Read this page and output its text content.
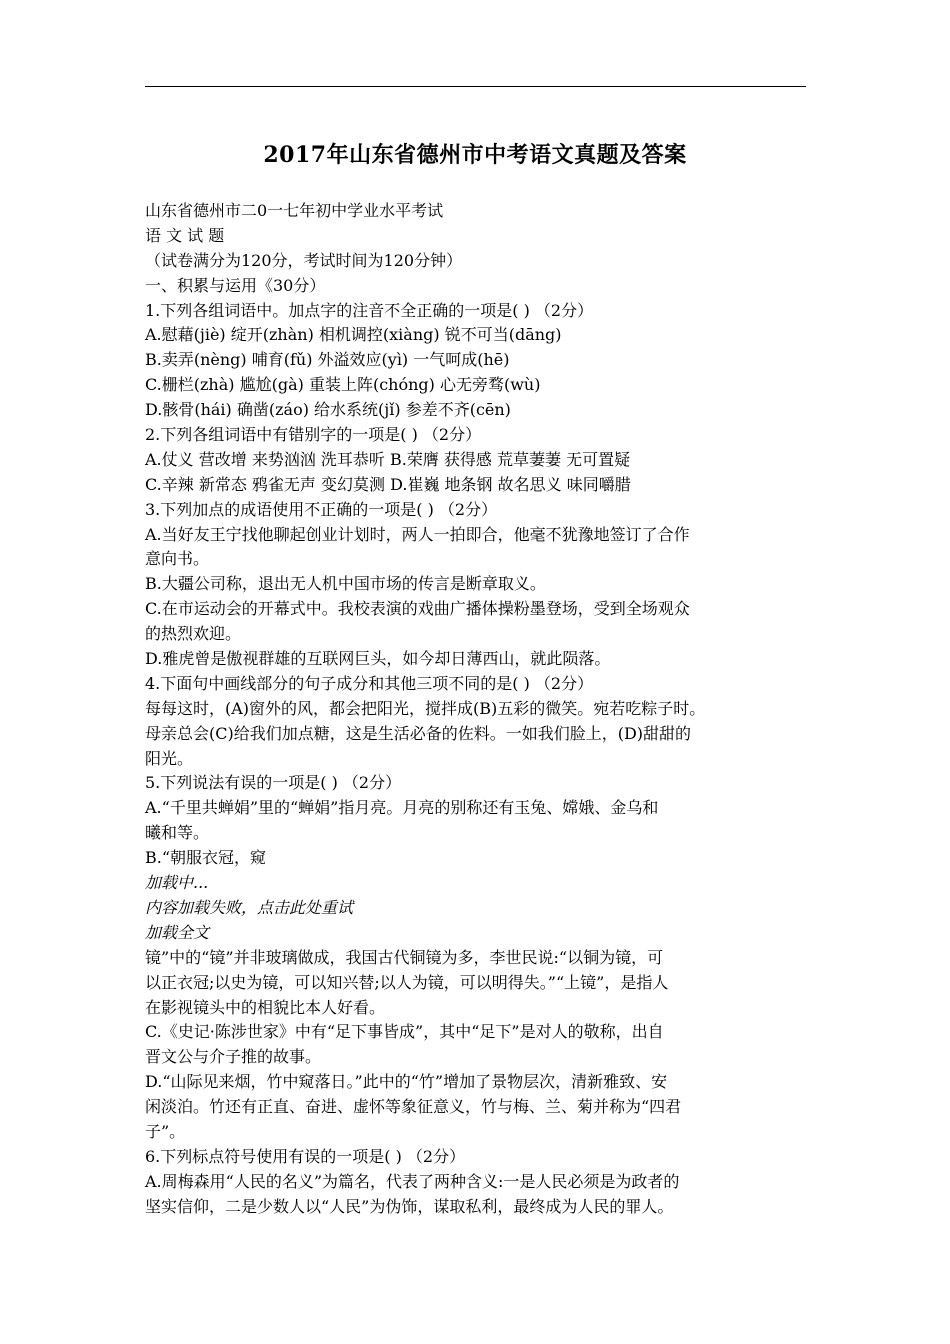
2017年山东省德州市中考语文真题及答案
山东省德州市二0一七年初中学业水平考试
语 文 试 题
（试卷满分为120分，考试时间为120分钟）
一、积累与运用《30分）
1.下列各组词语中。加点字的注音不全正确的一项是( ) （2分）
A.慰藉(jiè) 绽开(zhàn) 相机调控(xiàng) 锐不可当(dāng)
B.卖弄(nèng) 哺育(fǔ) 外溢效应(yì) 一气呵成(hē)
C.栅栏(zhà) 尴尬(gà) 重装上阵(chóng) 心无旁骛(wù)
D.骸骨(hái) 确凿(záo) 给水系统(jǐ) 参差不齐(cēn)
2.下列各组词语中有错别字的一项是( ) （2分）
A.仗义 营改增 来势汹汹 洗耳恭听 B.荣膺 获得感 荒草萋萋 无可置疑
C.辛辣 新常态 鸦雀无声 变幻莫测 D.崔巍 地条钢 故名思义 味同嚼腊
3.下列加点的成语使用不正确的一项是( ) （2分）
A.当好友王宁找他聊起创业计划时，两人一拍即合，他毫不犹豫地签订了合作
意向书。
B.大疆公司称，退出无人机中国市场的传言是断章取义。
C.在市运动会的开幕式中。我校表演的戏曲广播体操粉墨登场，受到全场观众
的热烈欢迎。
D.雅虎曾是傲视群雄的互联网巨头，如今却日薄西山，就此陨落。
4.下面句中画线部分的句子成分和其他三项不同的是( ) （2分）
每每这时，(A)窗外的风，都会把阳光，搅拌成(B)五彩的微笑。宛若吃粽子时。
母亲总会(C)给我们加点糖，这是生活必备的佐料。一如我们脸上，(D)甜甜的
阳光。
5.下列说法有误的一项是( ) （2分）
A.“千里共蝉娟”里的“蝉娟”指月亮。月亮的别称还有玉兔、嫦娥、金乌和
曦和等。
B.“朝服衣冠，窥
加载中...
内容加载失败，点击此处重试
加载全文
镜”中的“镜”并非玻璃做成，我国古代铜镜为多，李世民说:“以铜为镜，可
以正衣冠;以史为镜，可以知兴替;以人为镜，可以明得失。”“上镜”，是指人
在影视镜头中的相貌比本人好看。
C.《史记·陈涉世家》中有“足下事皆成”，其中“足下”是对人的敬称，出自
晋文公与介子推的故事。
D.“山际见来烟，竹中窥落日。”此中的“竹”增加了景物层次，清新雅致、安
闲淡泊。竹还有正直、奋进、虚怀等象征意义，竹与梅、兰、菊并称为“四君
子”。
6.下列标点符号使用有误的一项是( ) （2分）
A.周梅森用“人民的名义”为篇名，代表了两种含义:一是人民必须是为政者的
坚实信仰，二是少数人以“人民”为伪饰，谋取私利，最终成为人民的罪人。
